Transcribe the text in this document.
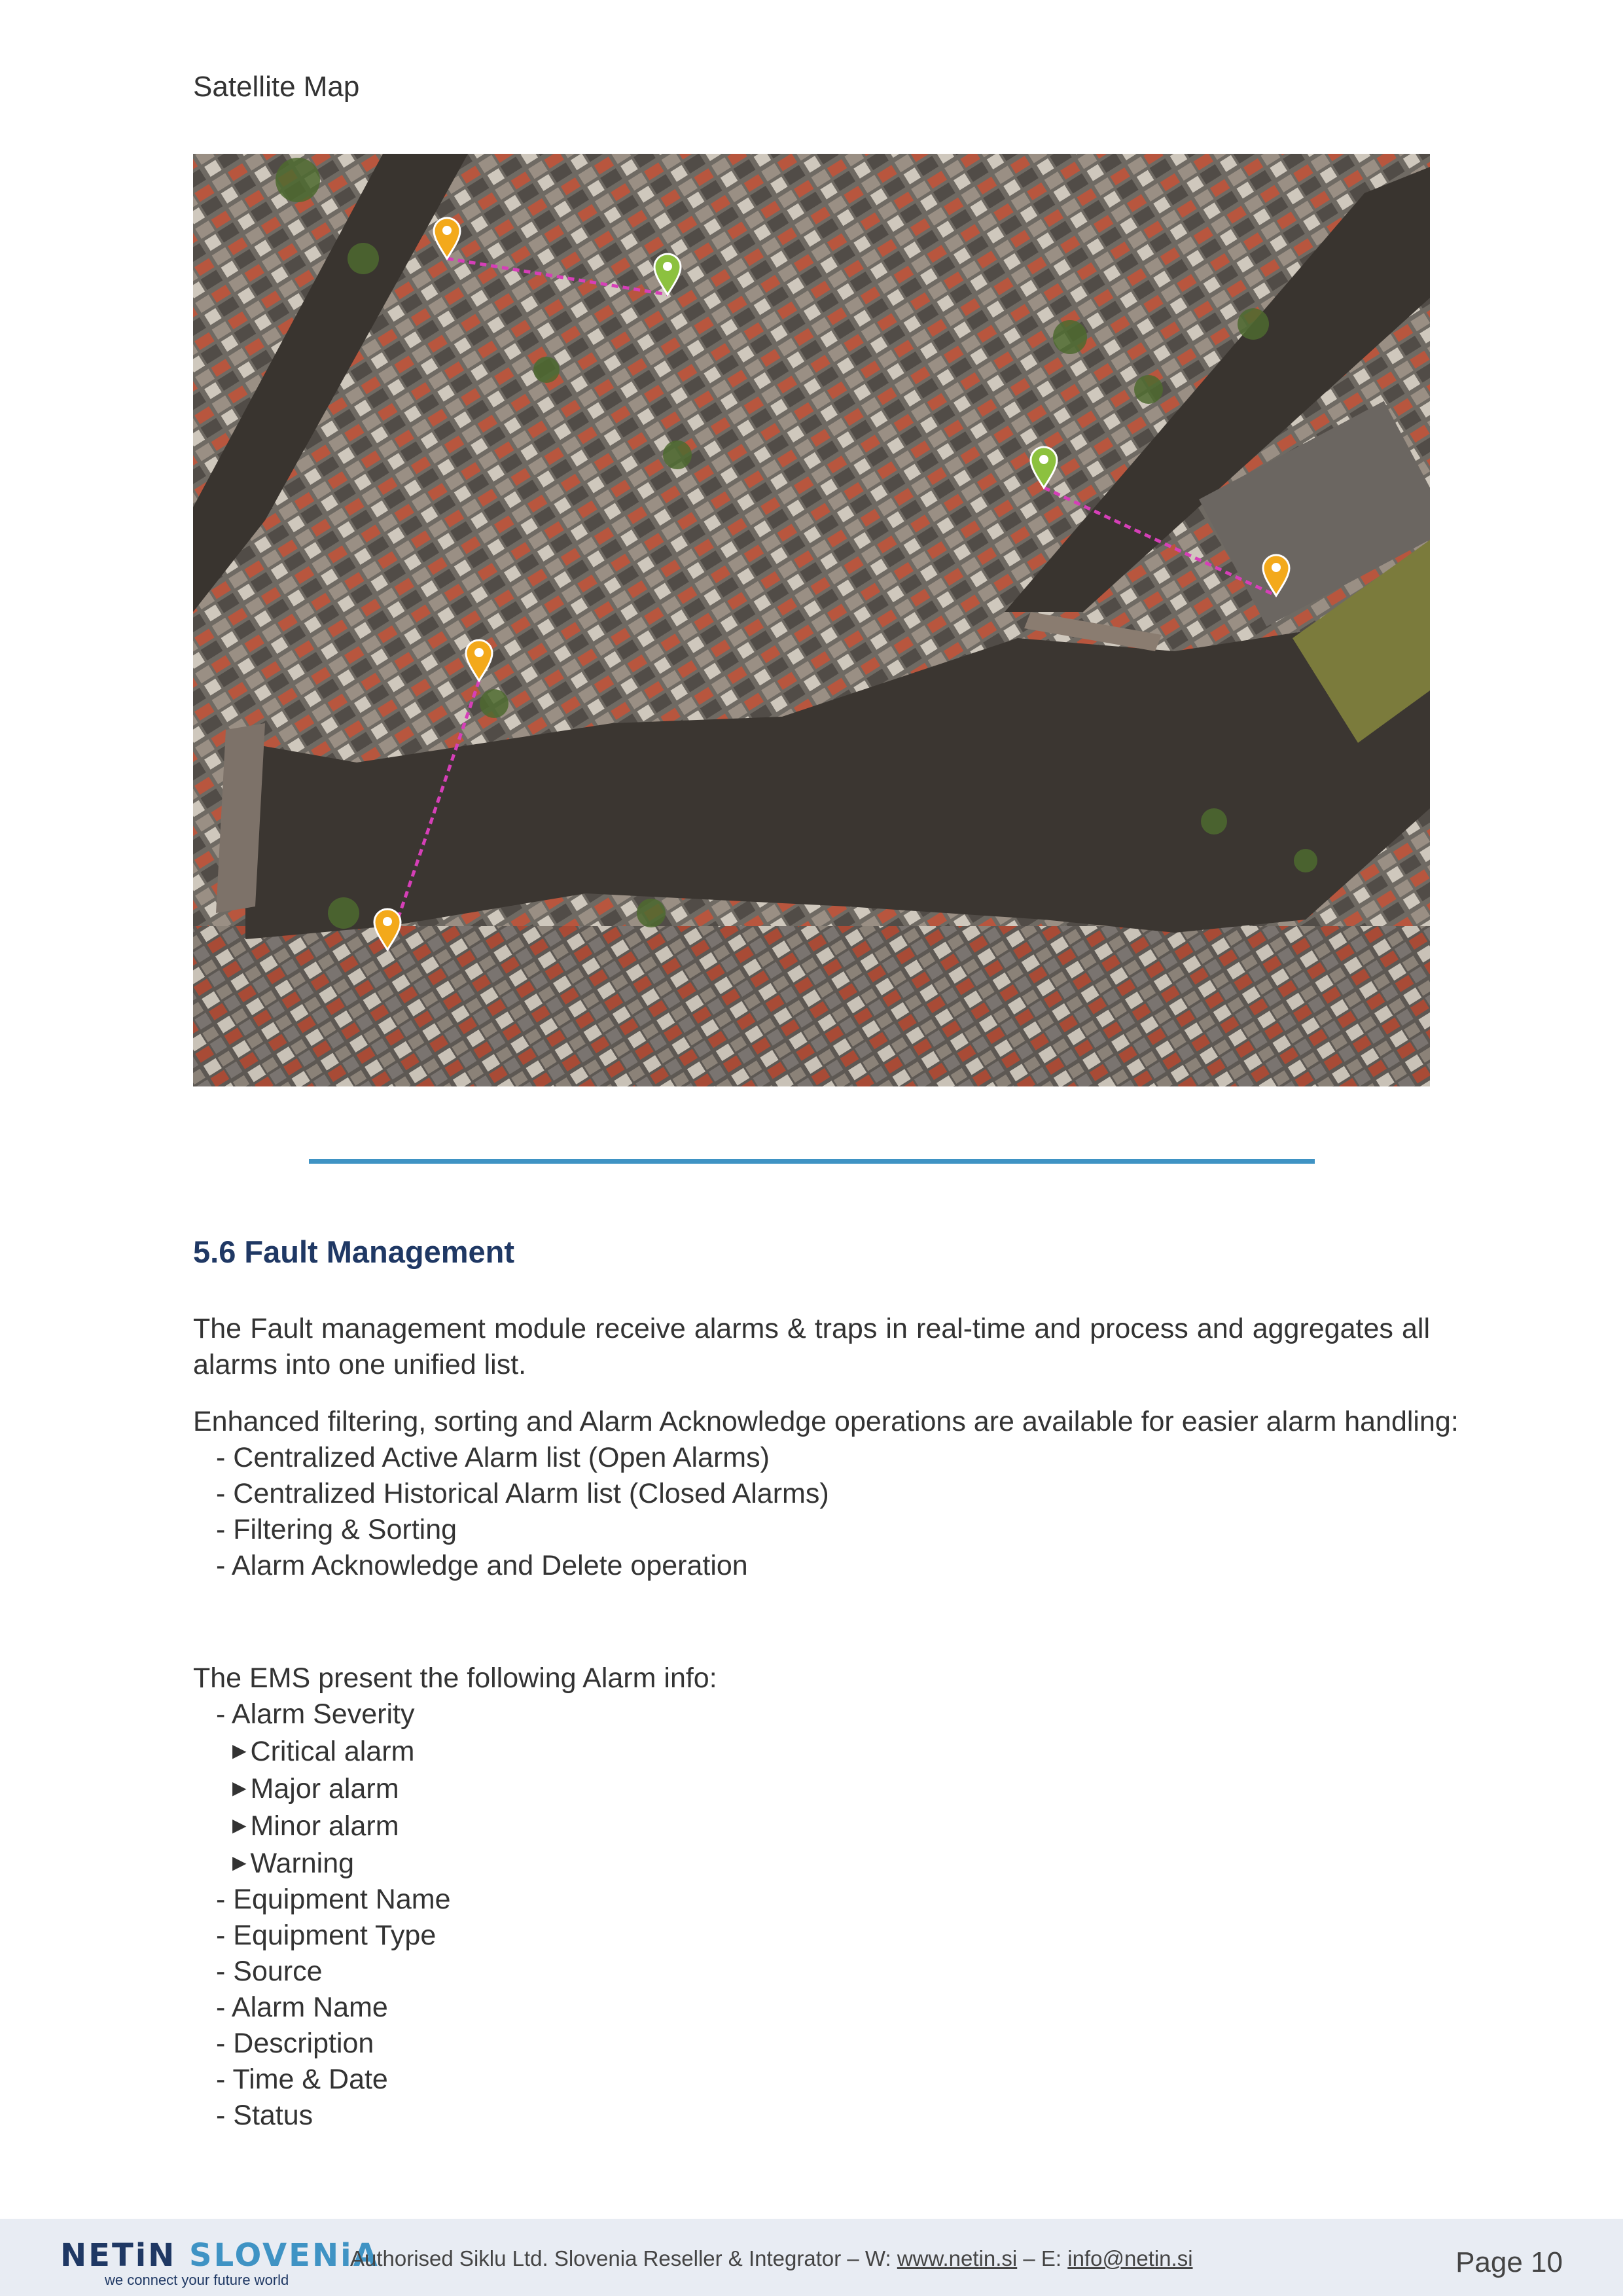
Satellite Map
5.6 Fault Management
The Fault management module receive alarms & traps in real-time and process and aggregates all alarms into one unified list.
Enhanced filtering, sorting and Alarm Acknowledge operations are available for easier alarm handling:
- Centralized Active Alarm list (Open Alarms)
- Centralized Historical Alarm list (Closed Alarms)
- Filtering & Sorting
- Alarm Acknowledge and Delete operation
The EMS present the following Alarm info:
- Alarm Severity
▶ Critical alarm
▶ Major alarm
▶ Minor alarm
▶ Warning
- Equipment Name
- Equipment Type
- Source
- Alarm Name
- Description
- Time & Date
- Status
NETiN SLOVENiA
we connect your future world
Authorised Siklu Ltd. Slovenia Reseller & Integrator – W: www.netin.si – E: info@netin.si	Page 10
